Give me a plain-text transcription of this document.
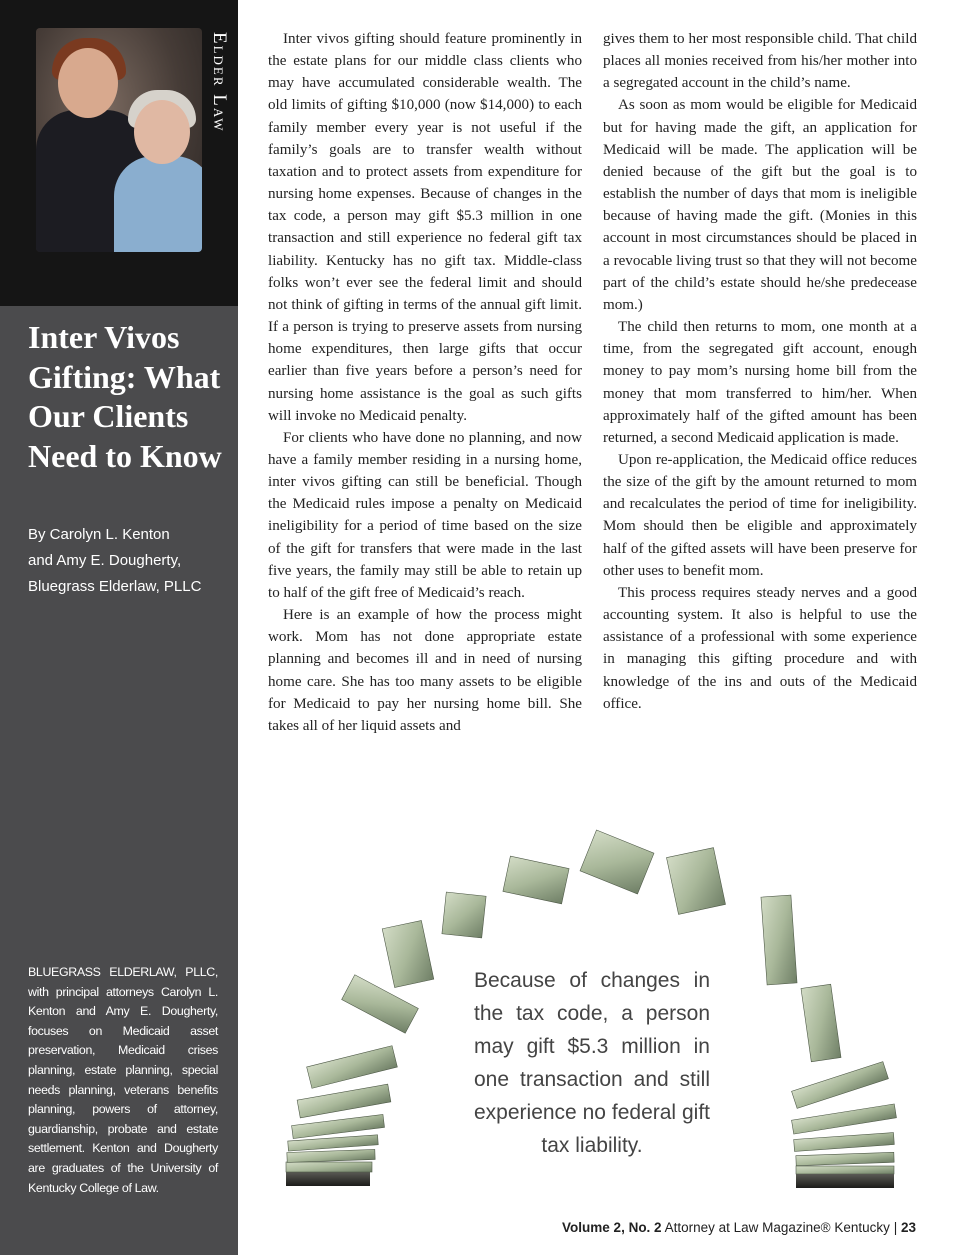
Elder Law
Inter Vivos Gifting: What Our Clients Need to Know
By Carolyn L. Kenton
and Amy E. Dougherty,
Bluegrass Elderlaw, PLLC

BLUEGRASS ELDERLAW, PLLC, with principal attorneys Carolyn L. Kenton and Amy E. Dougherty, focuses on Medicaid asset preservation, Medicaid crises planning, estate planning, special needs planning, veterans benefits planning, powers of attorney, guardianship, probate and estate settlement. Kenton and Dougherty are graduates of the University of Kentucky College of Law.

Inter vivos gifting should feature prominently in the estate plans for our middle class clients who may have accumulated considerable wealth. The old limits of gifting $10,000 (now $14,000) to each family member every year is not useful if the family’s goals are to transfer wealth without taxation and to protect assets from expenditure for nursing home expenses. Because of changes in the tax code, a person may gift $5.3 million in one transaction and still experience no federal gift tax liability. Kentucky has no gift tax. Middle-class folks won’t ever see the federal limit and should not think of gifting in terms of the annual gift limit. If a person is trying to preserve assets from nursing home expenditures, then large gifts that occur earlier than five years before a person’s need for nursing home assistance is the goal as such gifts will invoke no Medicaid penalty.

For clients who have done no planning, and now have a family member residing in a nursing home, inter vivos gifting can still be beneficial. Though the Medicaid rules impose a penalty on Medicaid ineligibility for a period of time based on the size of the gift for transfers that were made in the last five years, the family may still be able to retain up to half of the gift free of Medicaid’s reach.

Here is an example of how the process might work. Mom has not done appropriate estate planning and becomes ill and in need of nursing home care. She has too many assets to be eligible for Medicaid to pay her nursing home bill. She takes all of her liquid assets and

gives them to her most responsible child. That child places all monies received from his/her mother into a segregated account in the child’s name.

As soon as mom would be eligible for Medicaid but for having made the gift, an application for Medicaid will be made. The application will be denied because of the gift but the goal is to establish the number of days that mom is ineligible because of having made the gift. (Monies in this account in most circumstances should be placed in a revocable living trust so that they will not become part of the child’s estate should he/she predecease mom.)

The child then returns to mom, one month at a time, from the segregated gift account, enough money to pay mom’s nursing home bill from the money that mom transferred to him/her. When approximately half of the gifted amount has been returned, a second Medicaid application is made.

Upon re-application, the Medicaid office reduces the size of the gift by the amount returned to mom and recalculates the period of time for ineligibility. Mom should then be eligible and approximately half of the gifted assets will have been preserve for other uses to benefit mom.

This process requires steady nerves and a good accounting system. It also is helpful to use the assistance of a professional with some experience in managing this gifting procedure and with knowledge of the ins and outs of the Medicaid office.

Because of changes in the tax code, a person may gift $5.3 million in one transaction and still experience no federal gift tax liability.

Volume 2, No. 2 Attorney at Law Magazine® Kentucky | 23
